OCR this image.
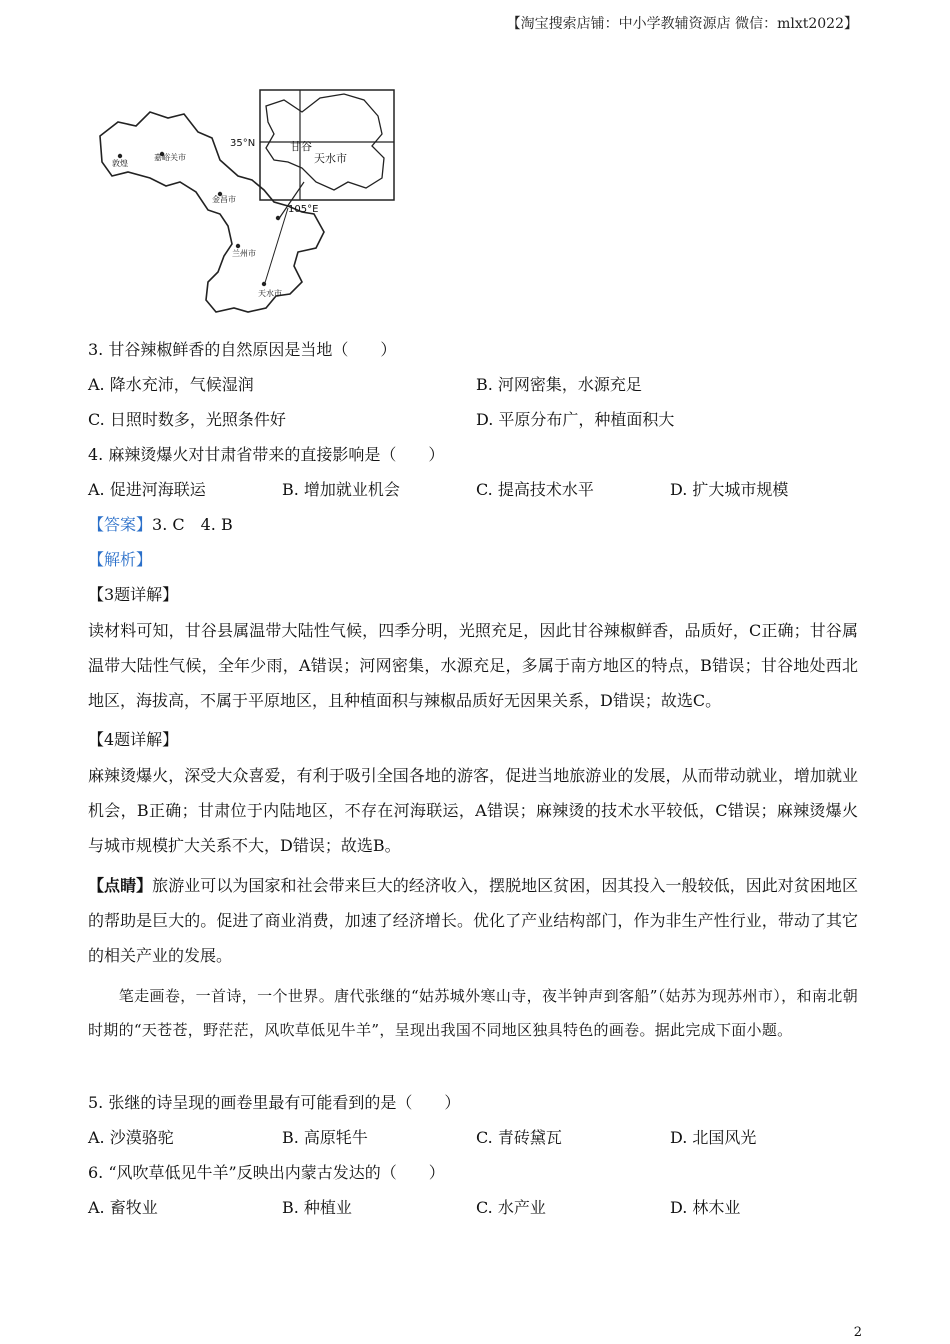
【淘宝搜索店铺：中小学教辅资源店 微信：mlxt2022】
35°N
105°E
敦煌
嘉峪关市
金昌市
兰州市
天水市
甘谷
天水市
3. 甘谷辣椒鲜香的自然原因是当地（　　）
A. 降水充沛，气候湿润	B. 河网密集，水源充足
C. 日照时数多，光照条件好	D. 平原分布广，种植面积大
4. 麻辣烫爆火对甘肃省带来的直接影响是（　　）
A. 促进河海联运	B. 增加就业机会	C. 提高技术水平	D. 扩大城市规模
【答案】3. C　4. B
【解析】
【3题详解】
读材料可知，甘谷县属温带大陆性气候，四季分明，光照充足，因此甘谷辣椒鲜香，品质好，C正确；甘谷属温带大陆性气候，全年少雨，A错误；河网密集，水源充足，多属于南方地区的特点，B错误；甘谷地处西北地区，海拔高，不属于平原地区，且种植面积与辣椒品质好无因果关系，D错误；故选C。
【4题详解】
麻辣烫爆火，深受大众喜爱，有利于吸引全国各地的游客，促进当地旅游业的发展，从而带动就业，增加就业机会，B正确；甘肃位于内陆地区，不存在河海联运，A错误；麻辣烫的技术水平较低，C错误；麻辣烫爆火与城市规模扩大关系不大，D错误；故选B。
【点睛】旅游业可以为国家和社会带来巨大的经济收入，摆脱地区贫困，因其投入一般较低，因此对贫困地区的帮助是巨大的。促进了商业消费，加速了经济增长。优化了产业结构部门，作为非生产性行业，带动了其它的相关产业的发展。
　　笔走画卷，一首诗，一个世界。唐代张继的“姑苏城外寒山寺，夜半钟声到客船”（姑苏为现苏州市），和南北朝时期的“天苍苍，野茫茫，风吹草低见牛羊”，呈现出我国不同地区独具特色的画卷。据此完成下面小题。
5. 张继的诗呈现的画卷里最有可能看到的是（　　）
A. 沙漠骆驼	B. 高原牦牛	C. 青砖黛瓦	D. 北国风光
6. “风吹草低见牛羊”反映出内蒙古发达的（　　）
A. 畜牧业	B. 种植业	C. 水产业	D. 林木业
2
